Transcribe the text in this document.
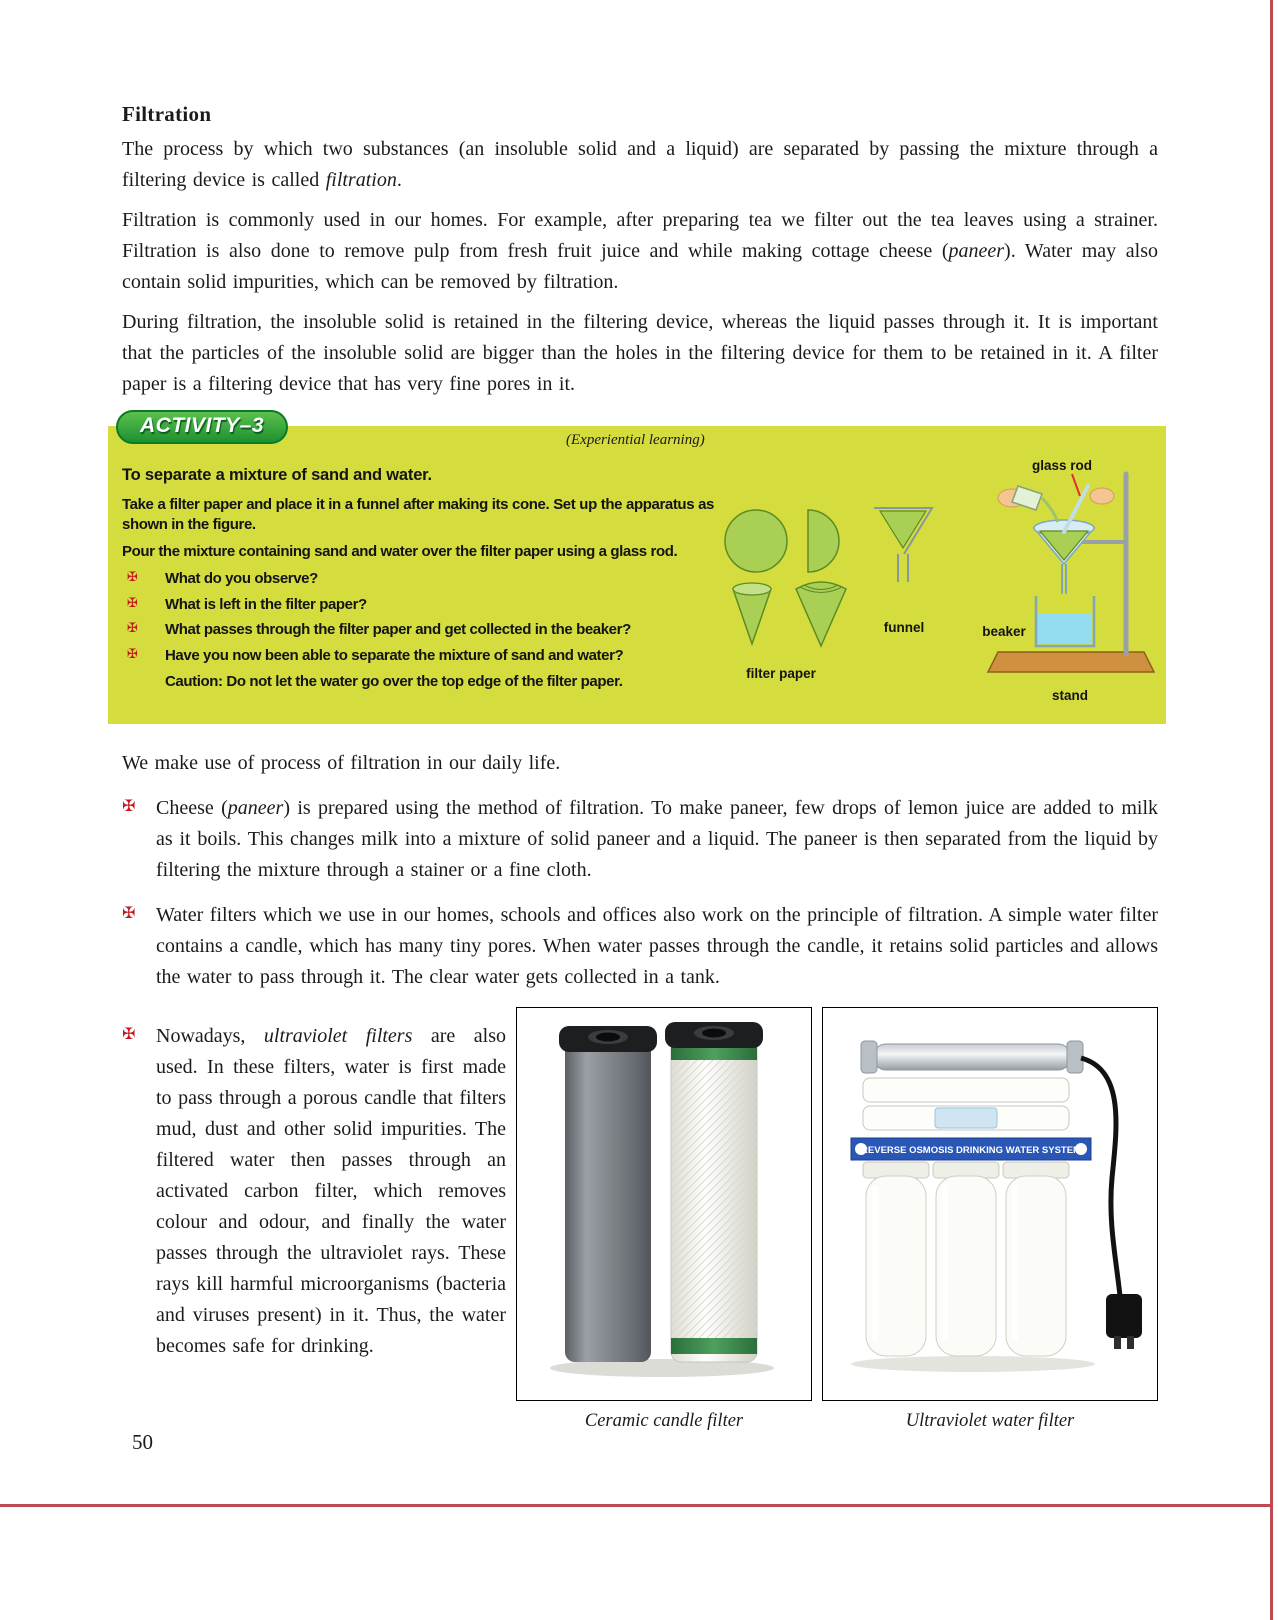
Filtration

The process by which two substances (an insoluble solid and a liquid) are separated by passing the mixture through a filtering device is called filtration.

Filtration is commonly used in our homes. For example, after preparing tea we filter out the tea leaves using a strainer. Filtration is also done to remove pulp from fresh fruit juice and while making cottage cheese (paneer). Water may also contain solid impurities, which can be removed by filtration.

During filtration, the insoluble solid is retained in the filtering device, whereas the liquid passes through it. It is important that the particles of the insoluble solid are bigger than the holes in the filtering device for them to be retained in it. A filter paper is a filtering device that has very fine pores in it.

ACTIVITY–3
(Experiential learning)

To separate a mixture of sand and water.

Take a filter paper and place it in a funnel after making its cone. Set up the apparatus as shown in the figure.

Pour the mixture containing sand and water over the filter paper using a glass rod.

✠	What do you observe?
✠	What is left in the filter paper?
✠	What passes through the filter paper and get collected in the beaker?
✠	Have you now been able to separate the mixture of sand and water?

Caution: Do not let the water go over the top edge of the filter paper.

glass rod
funnel	beaker
filter paper
stand

We make use of process of filtration in our daily life.

✠	Cheese (paneer) is prepared using the method of filtration. To make paneer, few drops of lemon juice are added to milk as it boils. This changes milk into a mixture of solid paneer and a liquid. The paneer is then separated from the liquid by filtering the mixture through a stainer or a fine cloth.
✠	Water filters which we use in our homes, schools and offices also work on the principle of filtration. A simple water filter contains a candle, which has many tiny pores. When water passes through the candle, it retains solid particles and allows the water to pass through it. The clear water gets collected in a tank.
✠	Nowadays, ultraviolet filters are also used. In these filters, water is first made to pass through a porous candle that filters mud, dust and other solid impurities. The filtered water then passes through an activated carbon filter, which removes colour and odour, and finally the water passes through the ultraviolet rays. These rays kill harmful microorganisms (bacteria and viruses present) in it. Thus, the water becomes safe for drinking.
Ceramic candle filter
REVERSE OSMOSIS DRINKING WATER SYSTEM
Ultraviolet water filter
50
